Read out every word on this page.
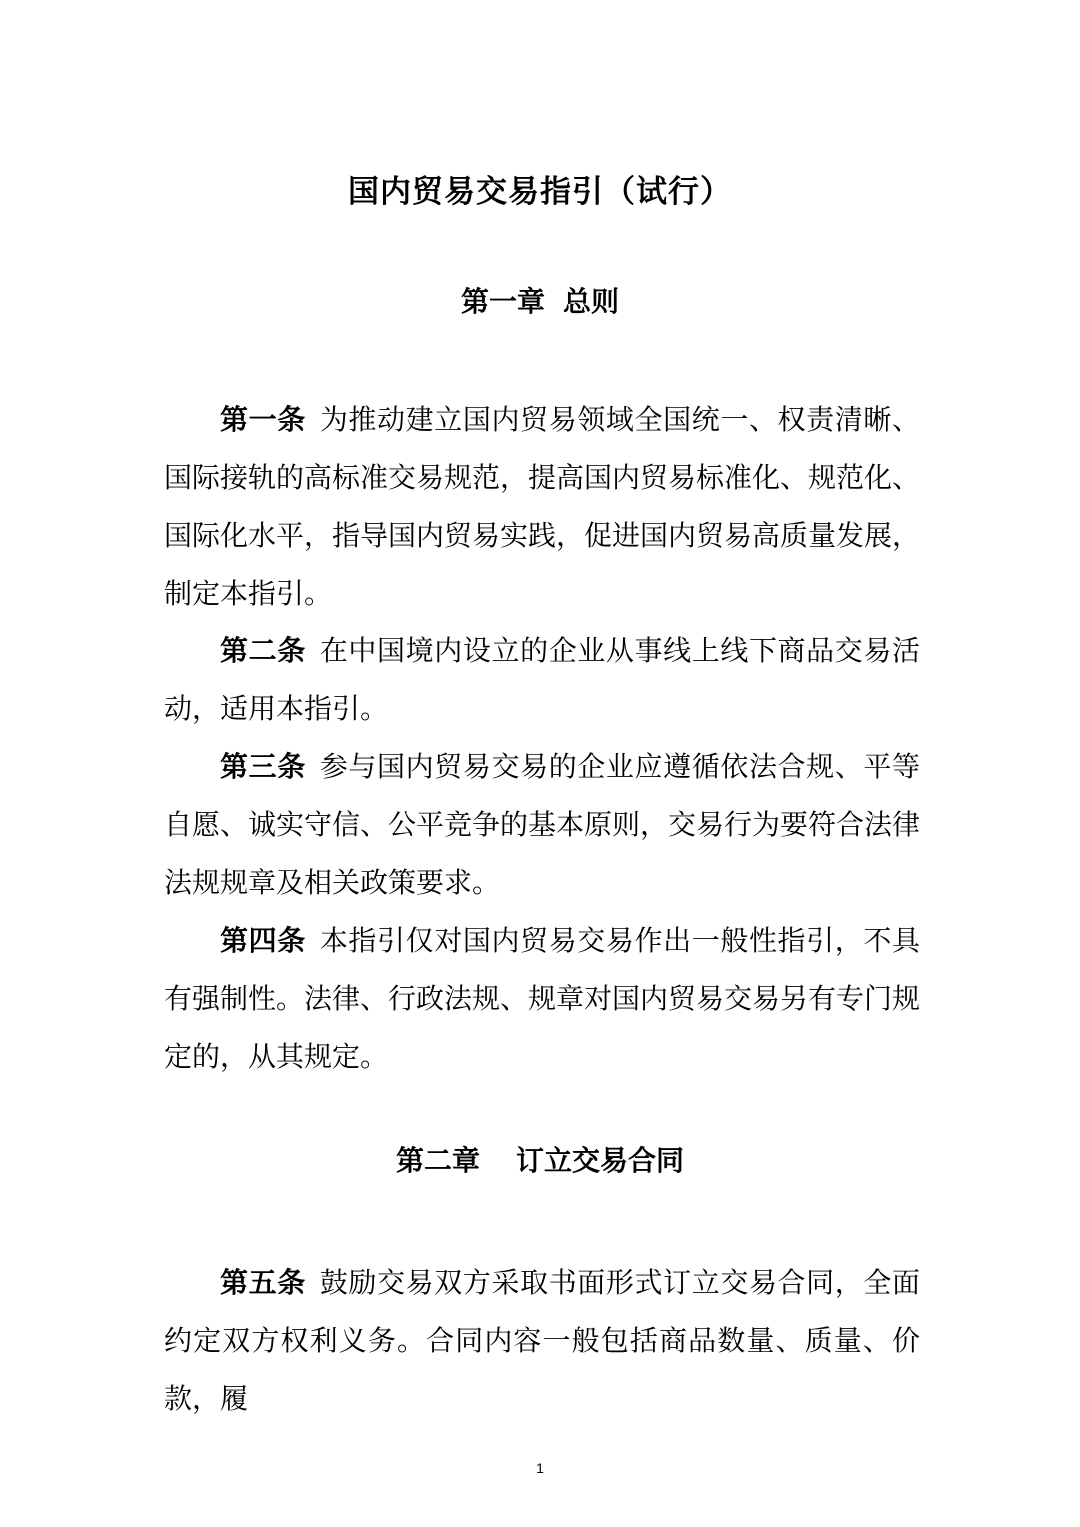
国内贸易交易指引（试行）
第一章 总则
第一条 为推动建立国内贸易领域全国统一、权责清晰、国际接轨的高标准交易规范，提高国内贸易标准化、规范化、国际化水平，指导国内贸易实践，促进国内贸易高质量发展，制定本指引。
第二条 在中国境内设立的企业从事线上线下商品交易活动，适用本指引。
第三条 参与国内贸易交易的企业应遵循依法合规、平等自愿、诚实守信、公平竞争的基本原则，交易行为要符合法律法规规章及相关政策要求。
第四条 本指引仅对国内贸易交易作出一般性指引，不具有强制性。法律、行政法规、规章对国内贸易交易另有专门规定的，从其规定。
第二章 订立交易合同
第五条 鼓励交易双方采取书面形式订立交易合同，全面约定双方权利义务。合同内容一般包括商品数量、质量、价款，履
1
